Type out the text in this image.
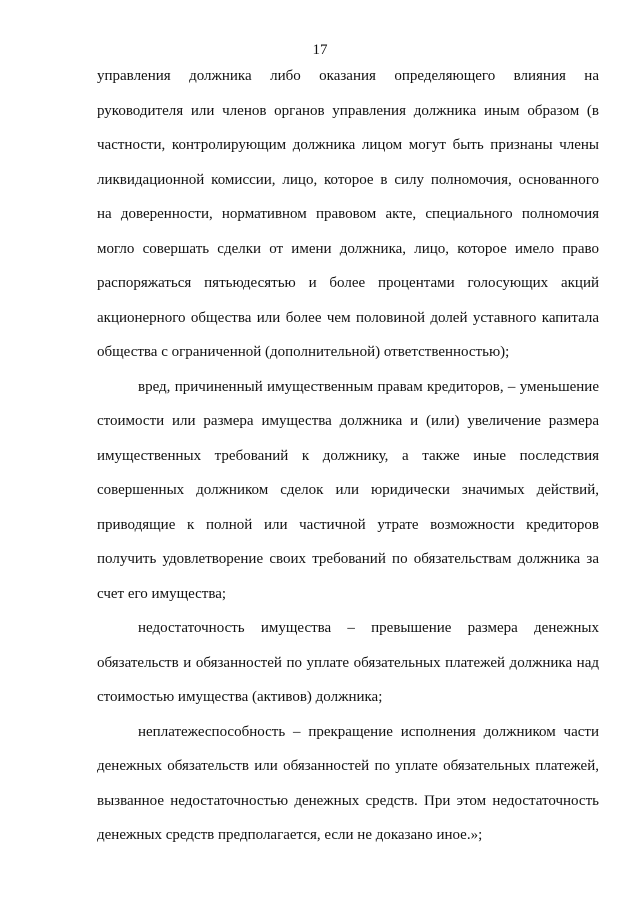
17
управления должника либо оказания определяющего влияния на
руководителя или членов органов управления должника иным образом (в
частности, контролирующим должника лицом могут быть признаны члены
ликвидационной комиссии, лицо, которое в силу полномочия, основанного
на доверенности, нормативном правовом акте, специального полномочия
могло совершать сделки от имени должника, лицо, которое имело право
распоряжаться пятьюдесятью и более процентами голосующих акций
акционерного общества или более чем половиной долей уставного капитала
общества с ограниченной (дополнительной) ответственностью);
вред, причиненный имущественным правам кредиторов, – уменьшение
стоимости или размера имущества должника и (или) увеличение размера
имущественных требований к должнику, а также иные последствия
совершенных должником сделок или юридически значимых действий,
приводящие к полной или частичной утрате возможности кредиторов
получить удовлетворение своих требований по обязательствам должника за
счет его имущества;
недостаточность имущества – превышение размера денежных
обязательств и обязанностей по уплате обязательных платежей должника над
стоимостью имущества (активов) должника;
неплатежеспособность – прекращение исполнения должником части
денежных обязательств или обязанностей по уплате обязательных платежей,
вызванное недостаточностью денежных средств. При этом недостаточность
денежных средств предполагается, если не доказано иное.»;
